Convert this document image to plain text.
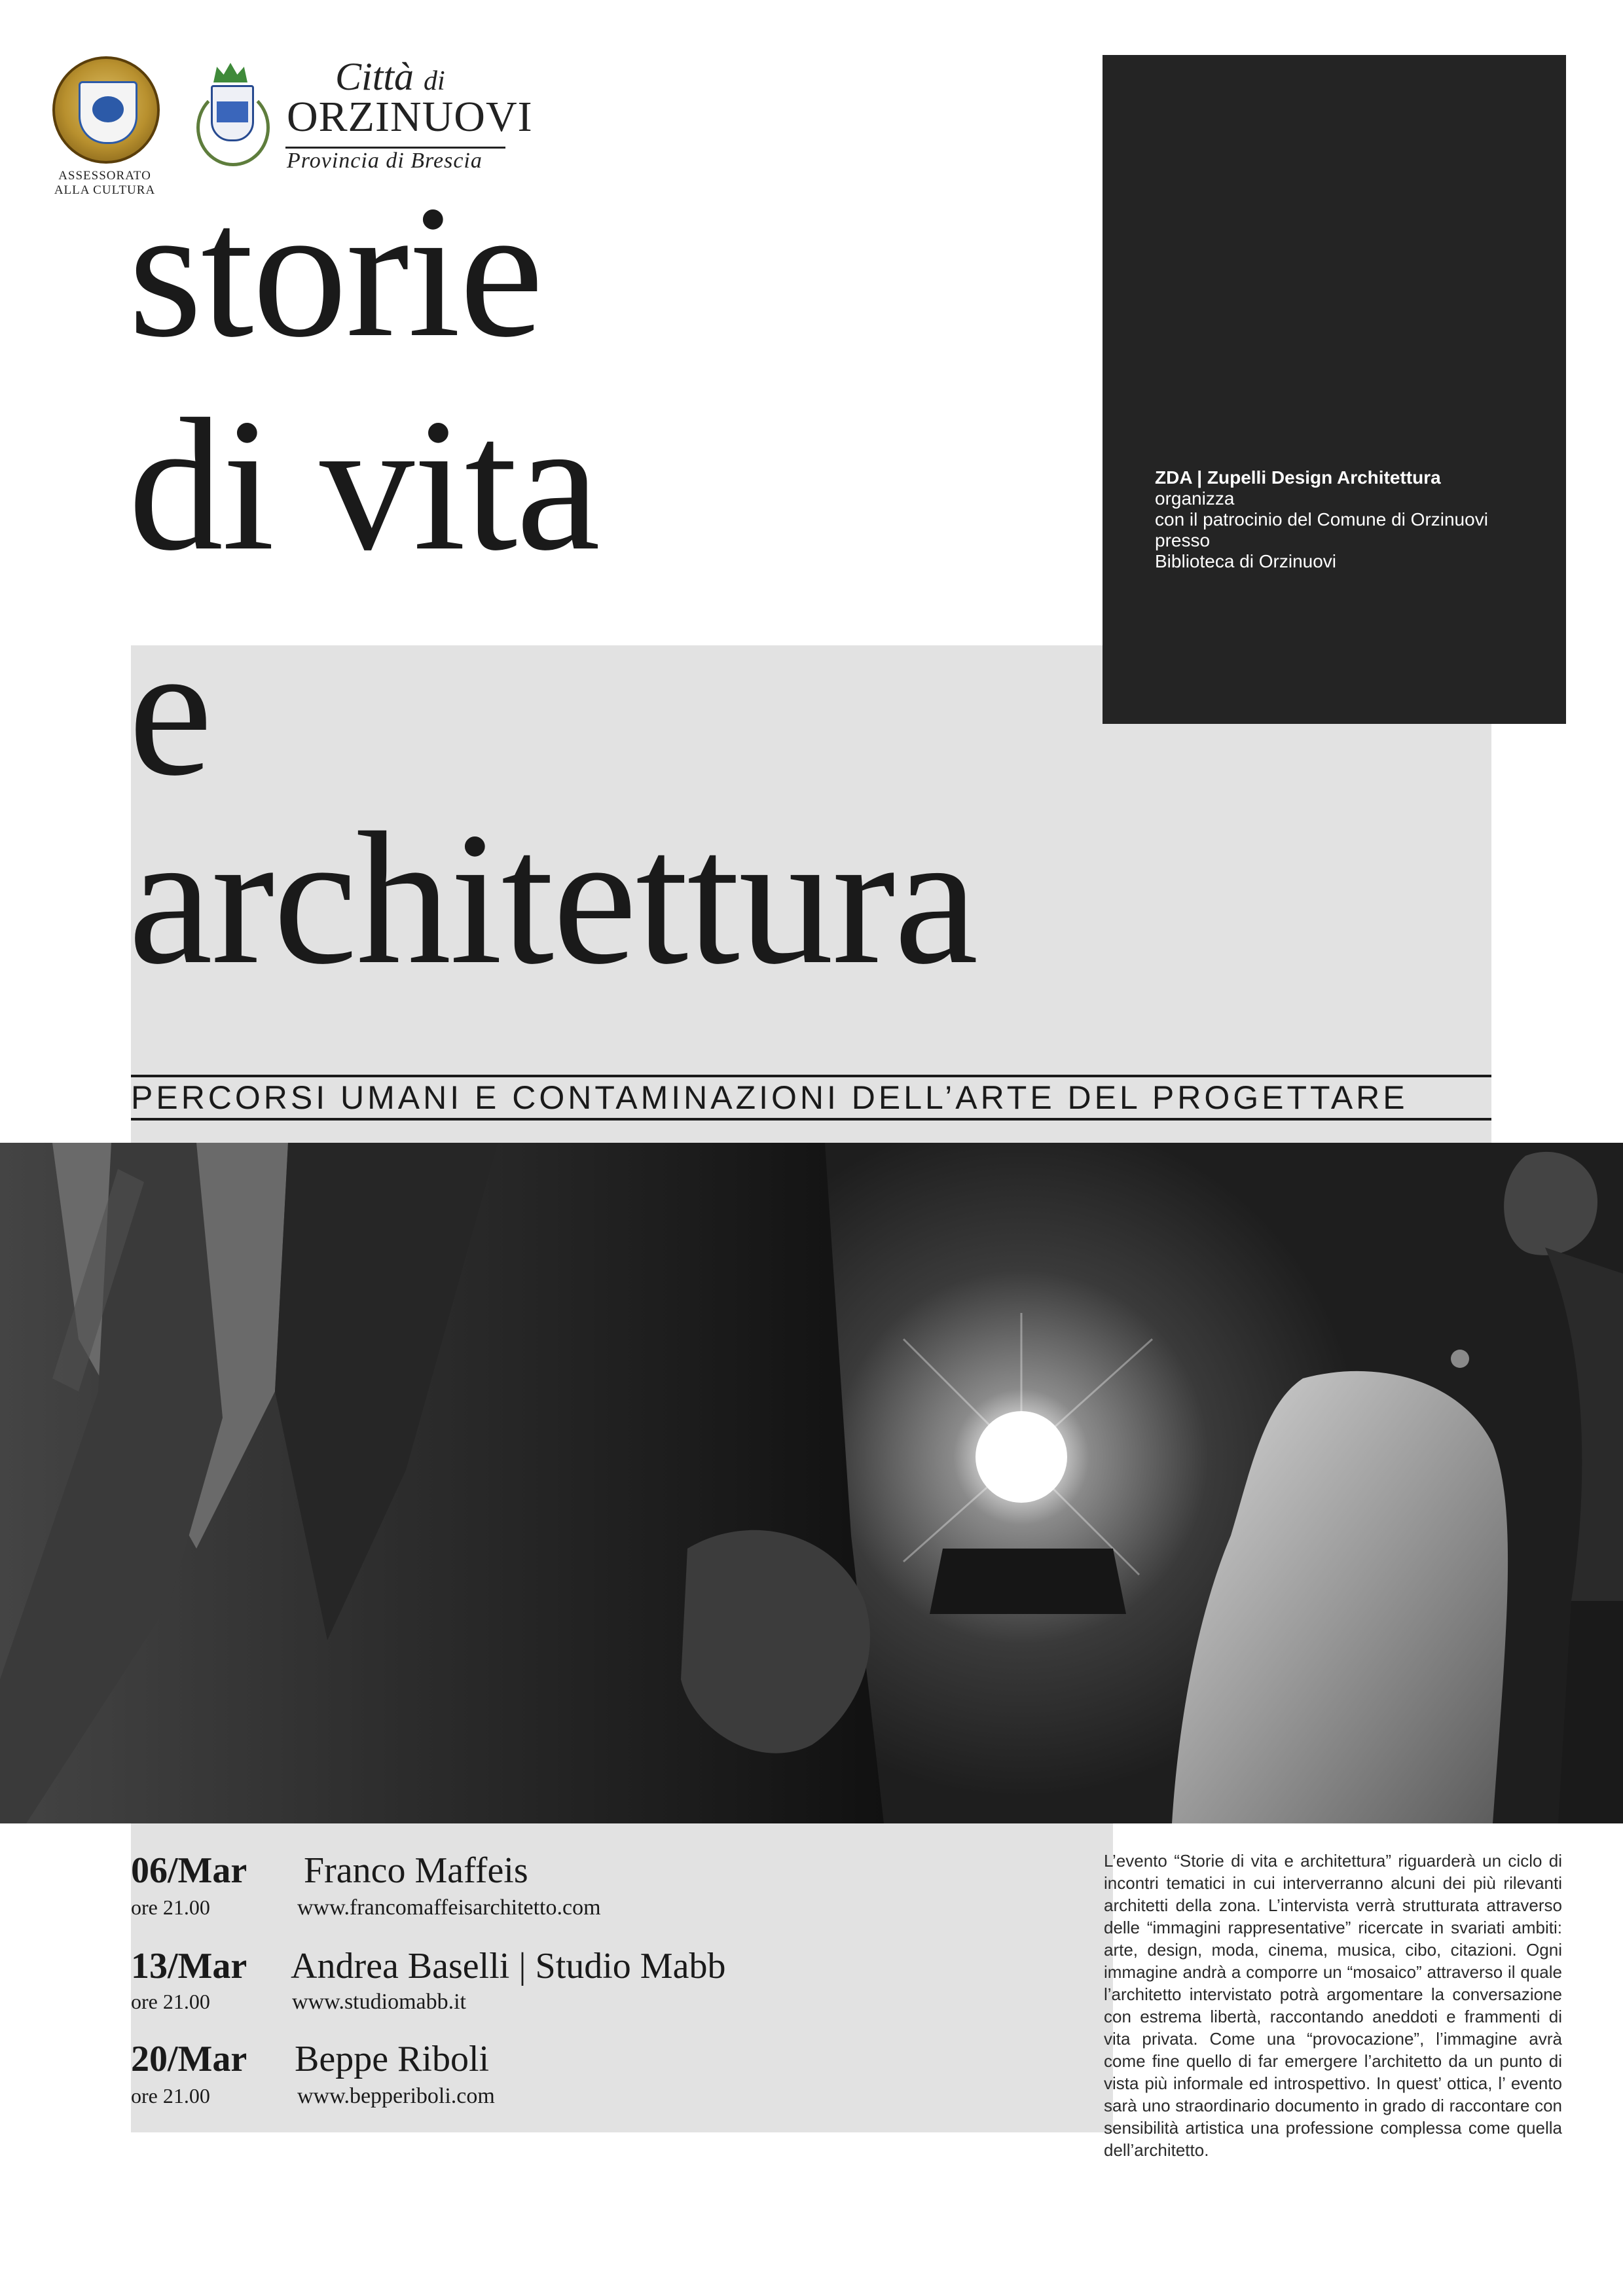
ASSESSORATO
ALLA CULTURA
Città di
ORZINUOVI
Provincia di Brescia
ZDA | Zupelli Design Architettura
organizza
con il patrocinio del Comune di Orzinuovi
presso
Biblioteca di Orzinuovi
storie
di vita
e
architettura
PERCORSI UMANI E CONTAMINAZIONI DELL’ARTE DEL PROGETTARE
06/Mar Franco Maffeis
ore 21.00	www.francomaffeisarchitetto.com
13/Mar Andrea Baselli | Studio Mabb
ore 21.00	www.studiomabb.it
20/Mar Beppe Riboli
ore 21.00	www.bepperiboli.com

L’evento “Storie di vita e architettura” riguarderà un ciclo di incontri tematici in cui interverranno alcuni dei più rilevanti architetti della zona. L’intervista verrà strutturata attraverso delle “immagini rappresentative” ricercate in svariati ambiti: arte, design, moda, cinema, musica, cibo, citazioni. Ogni immagine andrà a comporre un “mosaico” attraverso il quale l’architetto intervistato potrà argomentare la conversazione con estrema libertà, raccontando aneddoti e frammenti di vita privata. Come una “provocazione”, l’immagine avrà come fine quello di far emergere l’architetto da un punto di vista più informale ed introspettivo. In quest’ ottica, l’ evento sarà uno straordinario documento in grado di raccontare con sensibilità artistica una professione complessa come quella dell’architetto.
